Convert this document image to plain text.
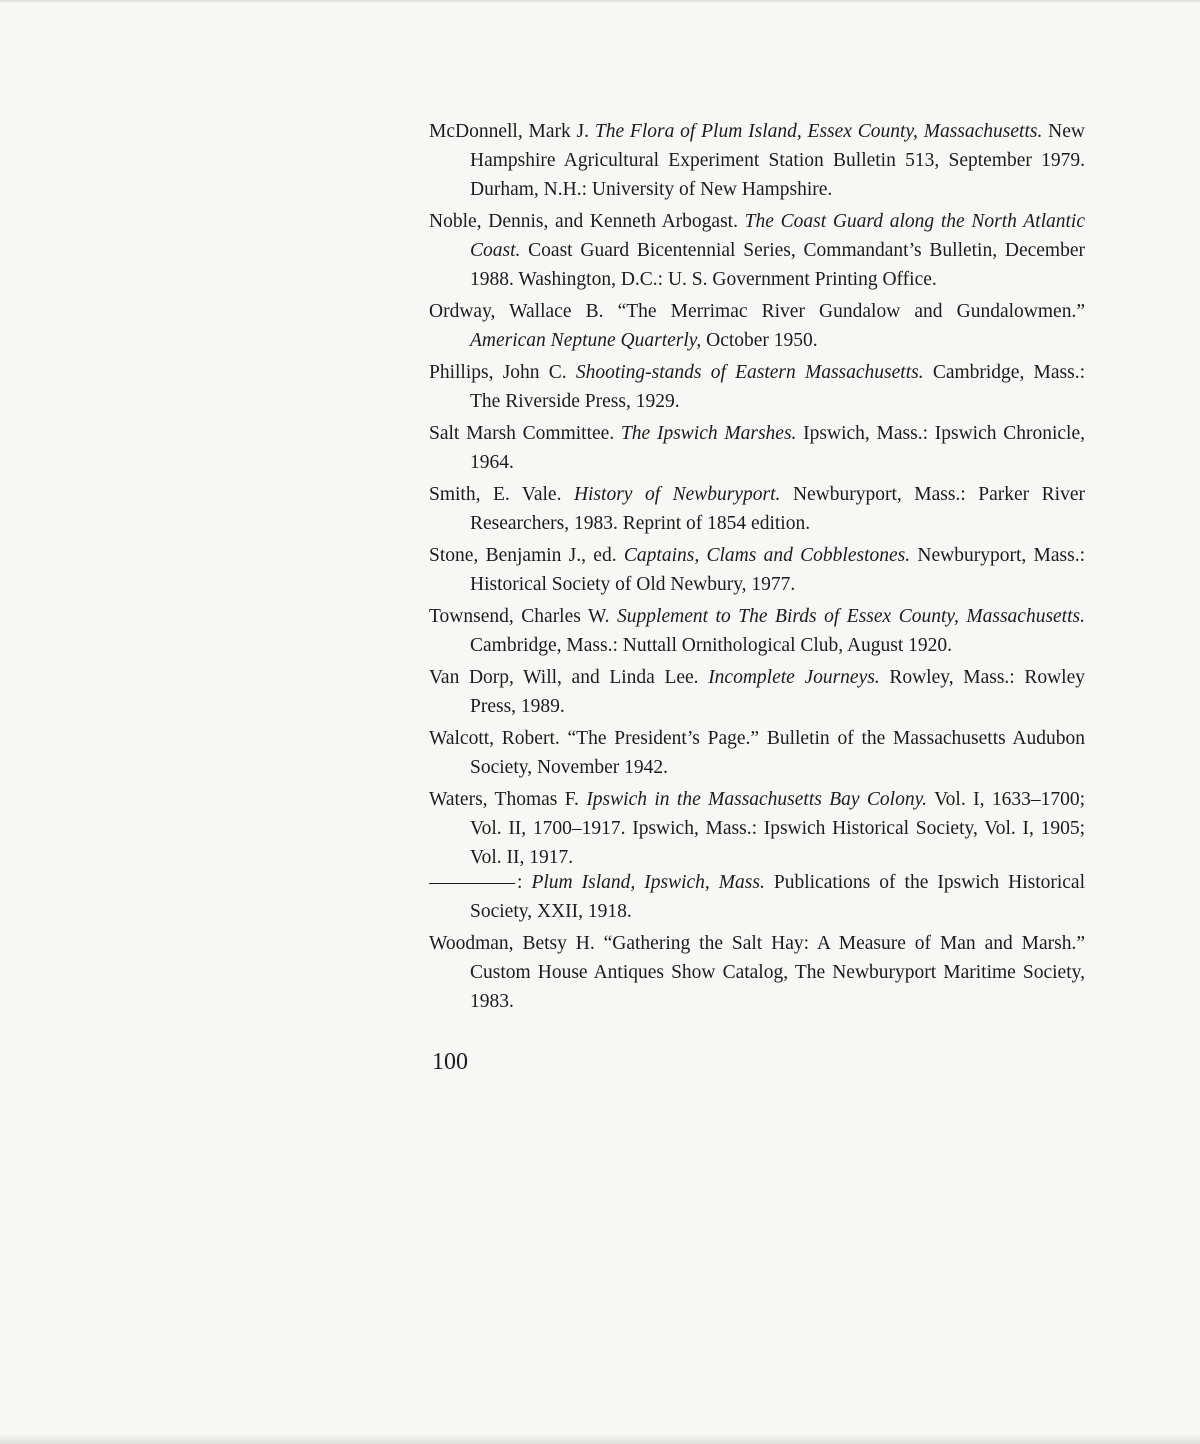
McDonnell, Mark J. The Flora of Plum Island, Essex County, Massachusetts. New Hampshire Agricultural Experiment Station Bulletin 513, September 1979. Durham, N.H.: University of New Hampshire.
Noble, Dennis, and Kenneth Arbogast. The Coast Guard along the North Atlantic Coast. Coast Guard Bicentennial Series, Commandant’s Bulletin, December 1988. Washington, D.C.: U. S. Government Printing Office.
Ordway, Wallace B. “The Merrimac River Gundalow and Gundalowmen.” American Neptune Quarterly, October 1950.
Phillips, John C. Shooting-stands of Eastern Massachusetts. Cambridge, Mass.: The Riverside Press, 1929.
Salt Marsh Committee. The Ipswich Marshes. Ipswich, Mass.: Ipswich Chronicle, 1964.
Smith, E. Vale. History of Newburyport. Newburyport, Mass.: Parker River Researchers, 1983. Reprint of 1854 edition.
Stone, Benjamin J., ed. Captains, Clams and Cobblestones. Newburyport, Mass.: Historical Society of Old Newbury, 1977.
Townsend, Charles W. Supplement to The Birds of Essex County, Massachusetts. Cambridge, Mass.: Nuttall Ornithological Club, August 1920.
Van Dorp, Will, and Linda Lee. Incomplete Journeys. Rowley, Mass.: Rowley Press, 1989.
Walcott, Robert. “The President’s Page.” Bulletin of the Massachusetts Audubon Society, November 1942.
Waters, Thomas F. Ipswich in the Massachusetts Bay Colony. Vol. I, 1633–1700; Vol. II, 1700–1917. Ipswich, Mass.: Ipswich Historical Society, Vol. I, 1905; Vol. II, 1917.
: Plum Island, Ipswich, Mass. Publications of the Ipswich Historical Society, XXII, 1918.
Woodman, Betsy H. “Gathering the Salt Hay: A Measure of Man and Marsh.” Custom House Antiques Show Catalog, The Newburyport Maritime Society, 1983.

100
